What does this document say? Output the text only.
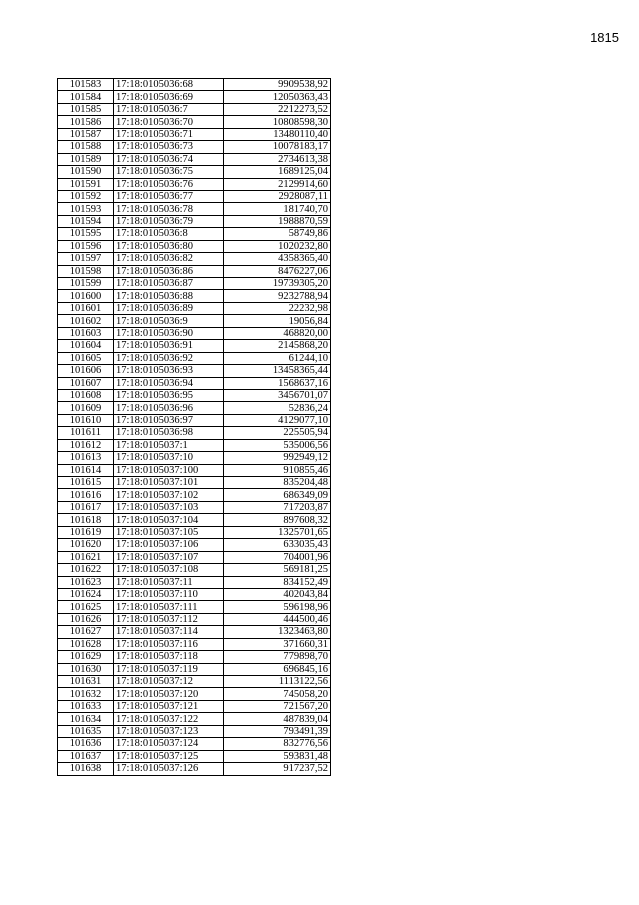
1815
101583	17:18:0105036:68	9909538,92
101584	17:18:0105036:69	12050363,43
101585	17:18:0105036:7	2212273,52
101586	17:18:0105036:70	10808598,30
101587	17:18:0105036:71	13480110,40
101588	17:18:0105036:73	10078183,17
101589	17:18:0105036:74	2734613,38
101590	17:18:0105036:75	1689125,04
101591	17:18:0105036:76	2129914,60
101592	17:18:0105036:77	2928087,11
101593	17:18:0105036:78	181740,70
101594	17:18:0105036:79	1988870,59
101595	17:18:0105036:8	58749,86
101596	17:18:0105036:80	1020232,80
101597	17:18:0105036:82	4358365,40
101598	17:18:0105036:86	8476227,06
101599	17:18:0105036:87	19739305,20
101600	17:18:0105036:88	9232788,94
101601	17:18:0105036:89	22232,98
101602	17:18:0105036:9	19056,84
101603	17:18:0105036:90	468820,00
101604	17:18:0105036:91	2145868,20
101605	17:18:0105036:92	61244,10
101606	17:18:0105036:93	13458365,44
101607	17:18:0105036:94	1568637,16
101608	17:18:0105036:95	3456701,07
101609	17:18:0105036:96	52836,24
101610	17:18:0105036:97	4129077,10
101611	17:18:0105036:98	225505,94
101612	17:18:0105037:1	535006,56
101613	17:18:0105037:10	992949,12
101614	17:18:0105037:100	910855,46
101615	17:18:0105037:101	835204,48
101616	17:18:0105037:102	686349,09
101617	17:18:0105037:103	717203,87
101618	17:18:0105037:104	897608,32
101619	17:18:0105037:105	1325701,65
101620	17:18:0105037:106	633035,43
101621	17:18:0105037:107	704001,96
101622	17:18:0105037:108	569181,25
101623	17:18:0105037:11	834152,49
101624	17:18:0105037:110	402043,84
101625	17:18:0105037:111	596198,96
101626	17:18:0105037:112	444500,46
101627	17:18:0105037:114	1323463,80
101628	17:18:0105037:116	371660,31
101629	17:18:0105037:118	779898,70
101630	17:18:0105037:119	696845,16
101631	17:18:0105037:12	1113122,56
101632	17:18:0105037:120	745058,20
101633	17:18:0105037:121	721567,20
101634	17:18:0105037:122	487839,04
101635	17:18:0105037:123	793491,39
101636	17:18:0105037:124	832776,56
101637	17:18:0105037:125	593831,48
101638	17:18:0105037:126	917237,52
